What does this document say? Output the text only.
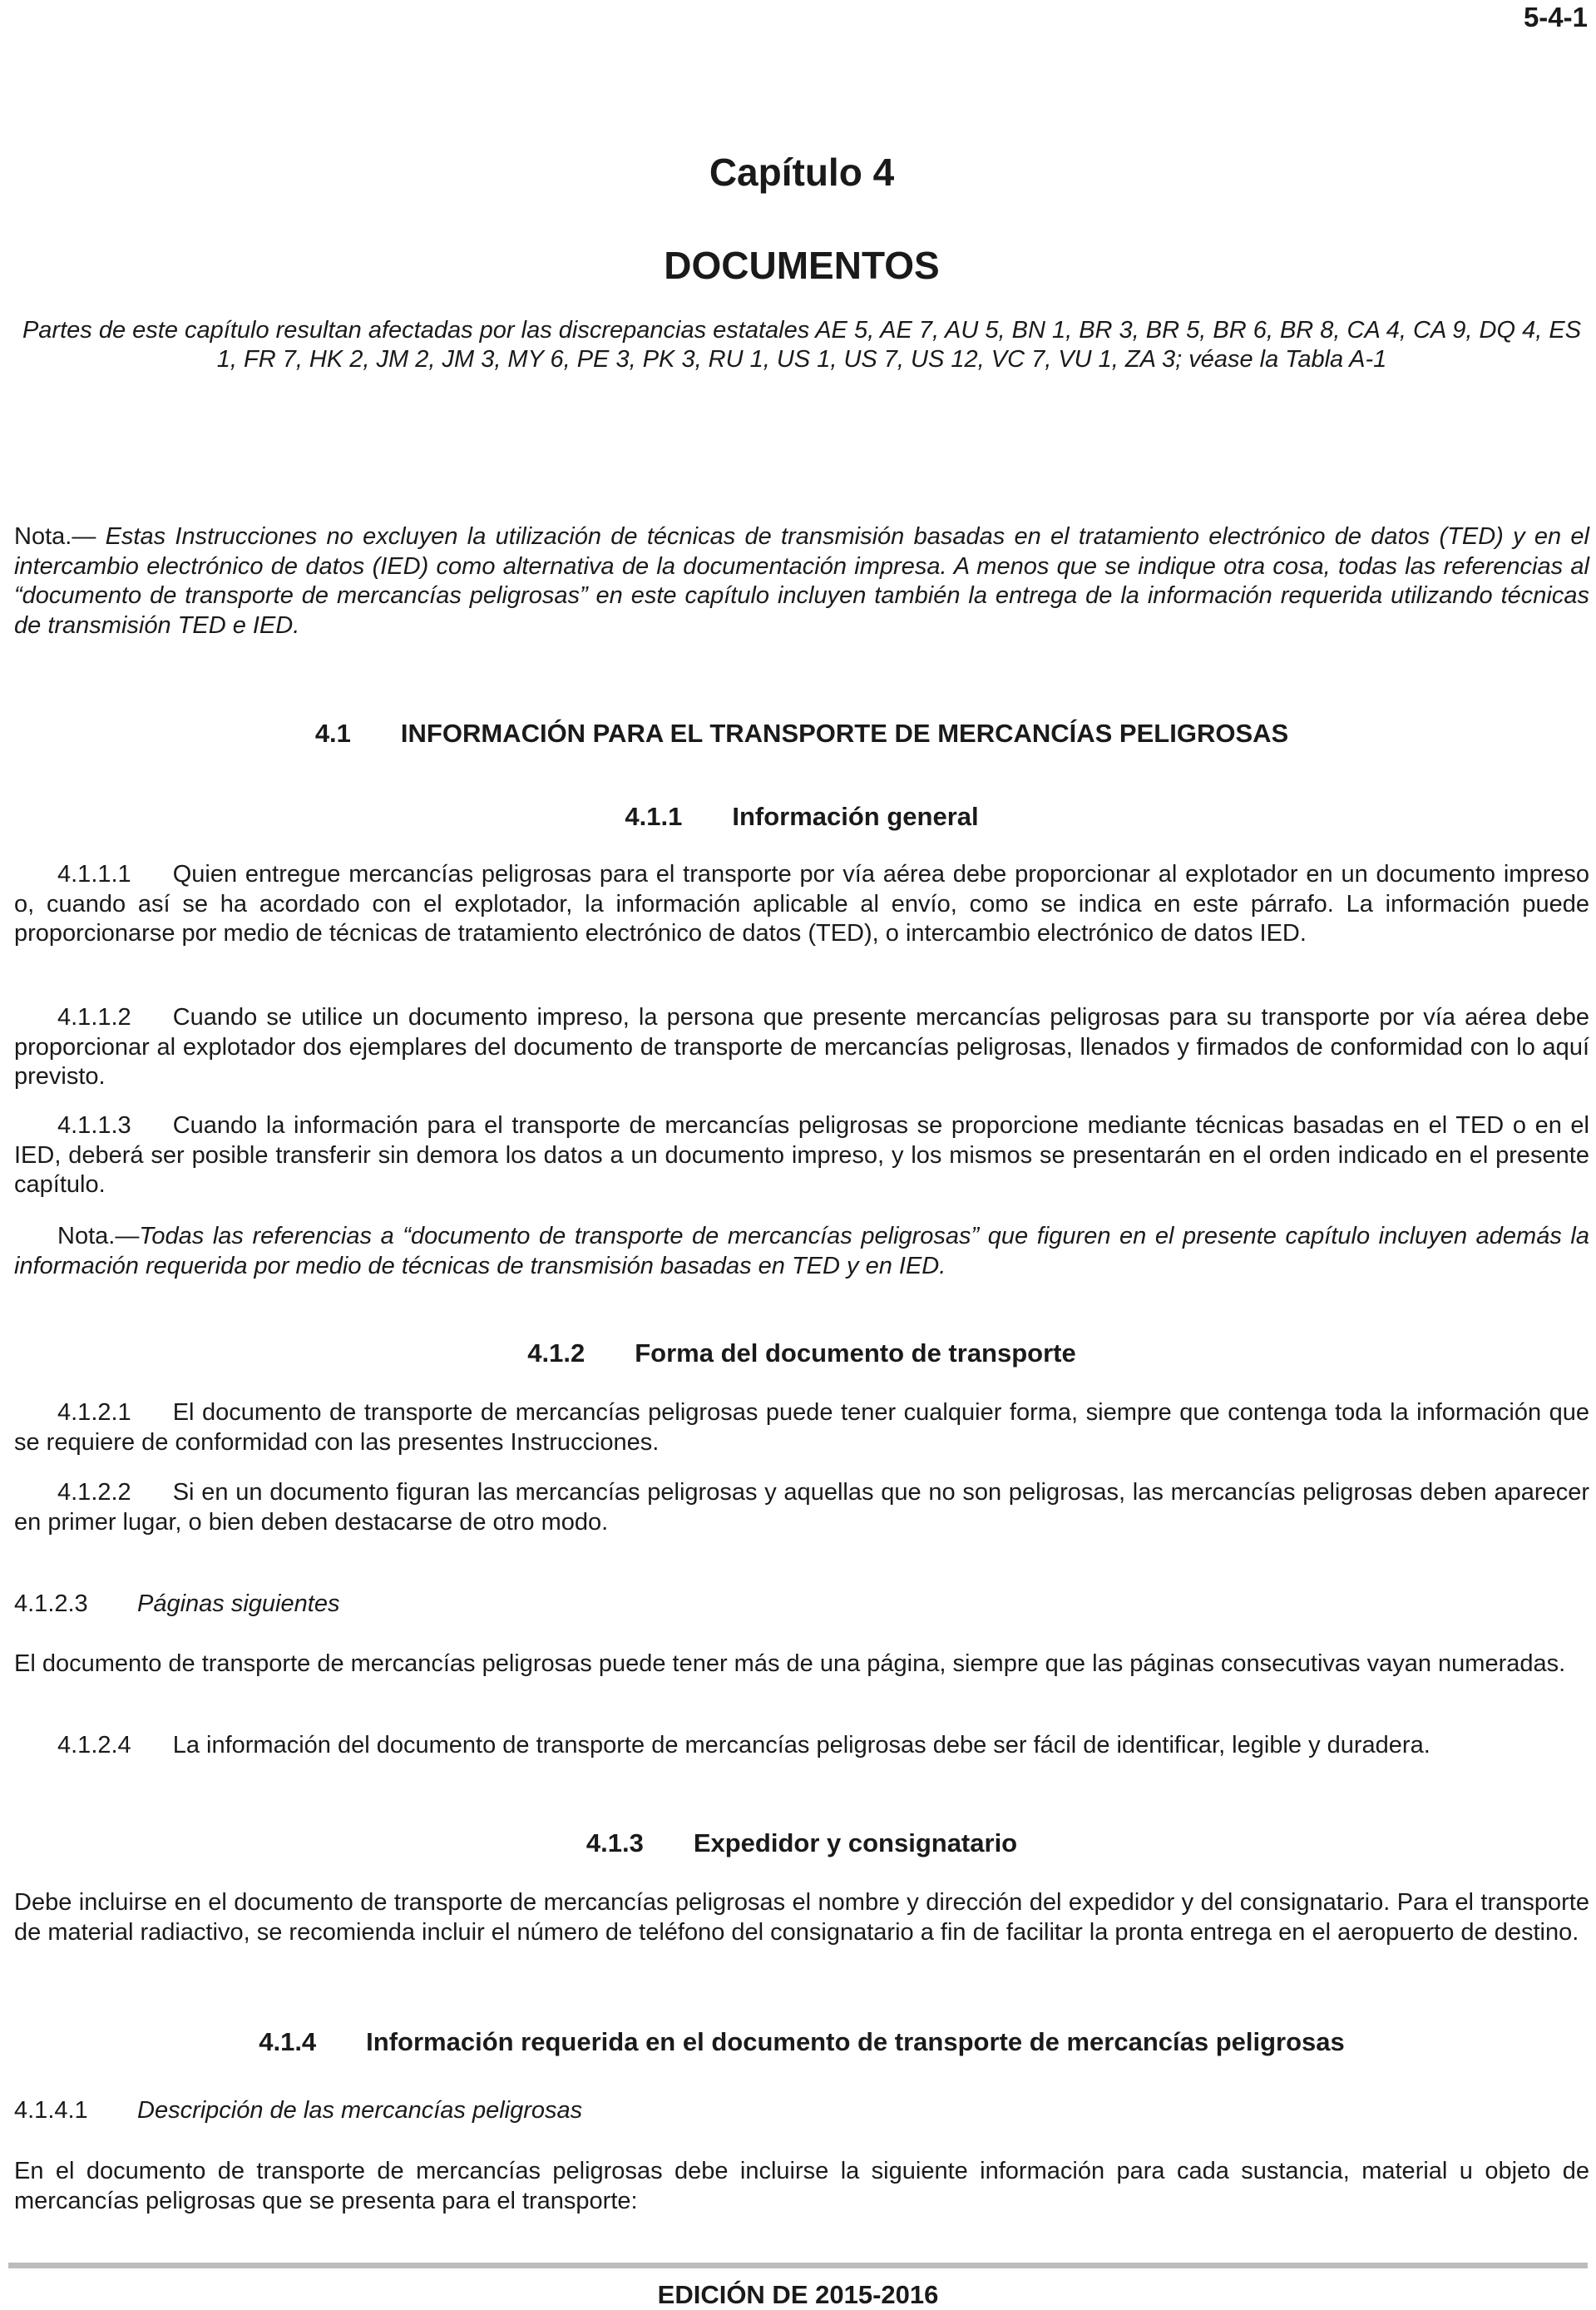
5-4-1
Capítulo 4
DOCUMENTOS
Partes de este capítulo resultan afectadas por las discrepancias estatales AE 5, AE 7, AU 5, BN 1, BR 3, BR 5, BR 6, BR 8, CA 4, CA 9, DQ 4, ES 1, FR 7, HK 2, JM 2, JM 3, MY 6, PE 3, PK 3, RU 1, US 1, US 7, US 12, VC 7, VU 1, ZA 3; véase la Tabla A-1
Nota.— Estas Instrucciones no excluyen la utilización de técnicas de transmisión basadas en el tratamiento electrónico de datos (TED) y en el intercambio electrónico de datos (IED) como alternativa de la documentación impresa. A menos que se indique otra cosa, todas las referencias al “documento de transporte de mercancías peligrosas” en este capítulo incluyen también la entrega de la información requerida utilizando técnicas de transmisión TED e IED.
4.1 INFORMACIÓN PARA EL TRANSPORTE DE MERCANCÍAS PELIGROSAS
4.1.1 Información general
4.1.1.1 Quien entregue mercancías peligrosas para el transporte por vía aérea debe proporcionar al explotador en un documento impreso o, cuando así se ha acordado con el explotador, la información aplicable al envío, como se indica en este párrafo. La información puede proporcionarse por medio de técnicas de tratamiento electrónico de datos (TED), o intercambio electrónico de datos IED.
4.1.1.2 Cuando se utilice un documento impreso, la persona que presente mercancías peligrosas para su transporte por vía aérea debe proporcionar al explotador dos ejemplares del documento de transporte de mercancías peligrosas, llenados y firmados de conformidad con lo aquí previsto.
4.1.1.3 Cuando la información para el transporte de mercancías peligrosas se proporcione mediante técnicas basadas en el TED o en el IED, deberá ser posible transferir sin demora los datos a un documento impreso, y los mismos se presentarán en el orden indicado en el presente capítulo.
Nota.—Todas las referencias a “documento de transporte de mercancías peligrosas” que figuren en el presente capítulo incluyen además la información requerida por medio de técnicas de transmisión basadas en TED y en IED.
4.1.2 Forma del documento de transporte
4.1.2.1 El documento de transporte de mercancías peligrosas puede tener cualquier forma, siempre que contenga toda la información que se requiere de conformidad con las presentes Instrucciones.
4.1.2.2 Si en un documento figuran las mercancías peligrosas y aquellas que no son peligrosas, las mercancías peligrosas deben aparecer en primer lugar, o bien deben destacarse de otro modo.
4.1.2.3 Páginas siguientes
El documento de transporte de mercancías peligrosas puede tener más de una página, siempre que las páginas consecutivas vayan numeradas.
4.1.2.4 La información del documento de transporte de mercancías peligrosas debe ser fácil de identificar, legible y duradera.
4.1.3 Expedidor y consignatario
Debe incluirse en el documento de transporte de mercancías peligrosas el nombre y dirección del expedidor y del consignatario. Para el transporte de material radiactivo, se recomienda incluir el número de teléfono del consignatario a fin de facilitar la pronta entrega en el aeropuerto de destino.
4.1.4 Información requerida en el documento de transporte de mercancías peligrosas
4.1.4.1 Descripción de las mercancías peligrosas
En el documento de transporte de mercancías peligrosas debe incluirse la siguiente información para cada sustancia, material u objeto de mercancías peligrosas que se presenta para el transporte:
EDICIÓN DE 2015-2016
